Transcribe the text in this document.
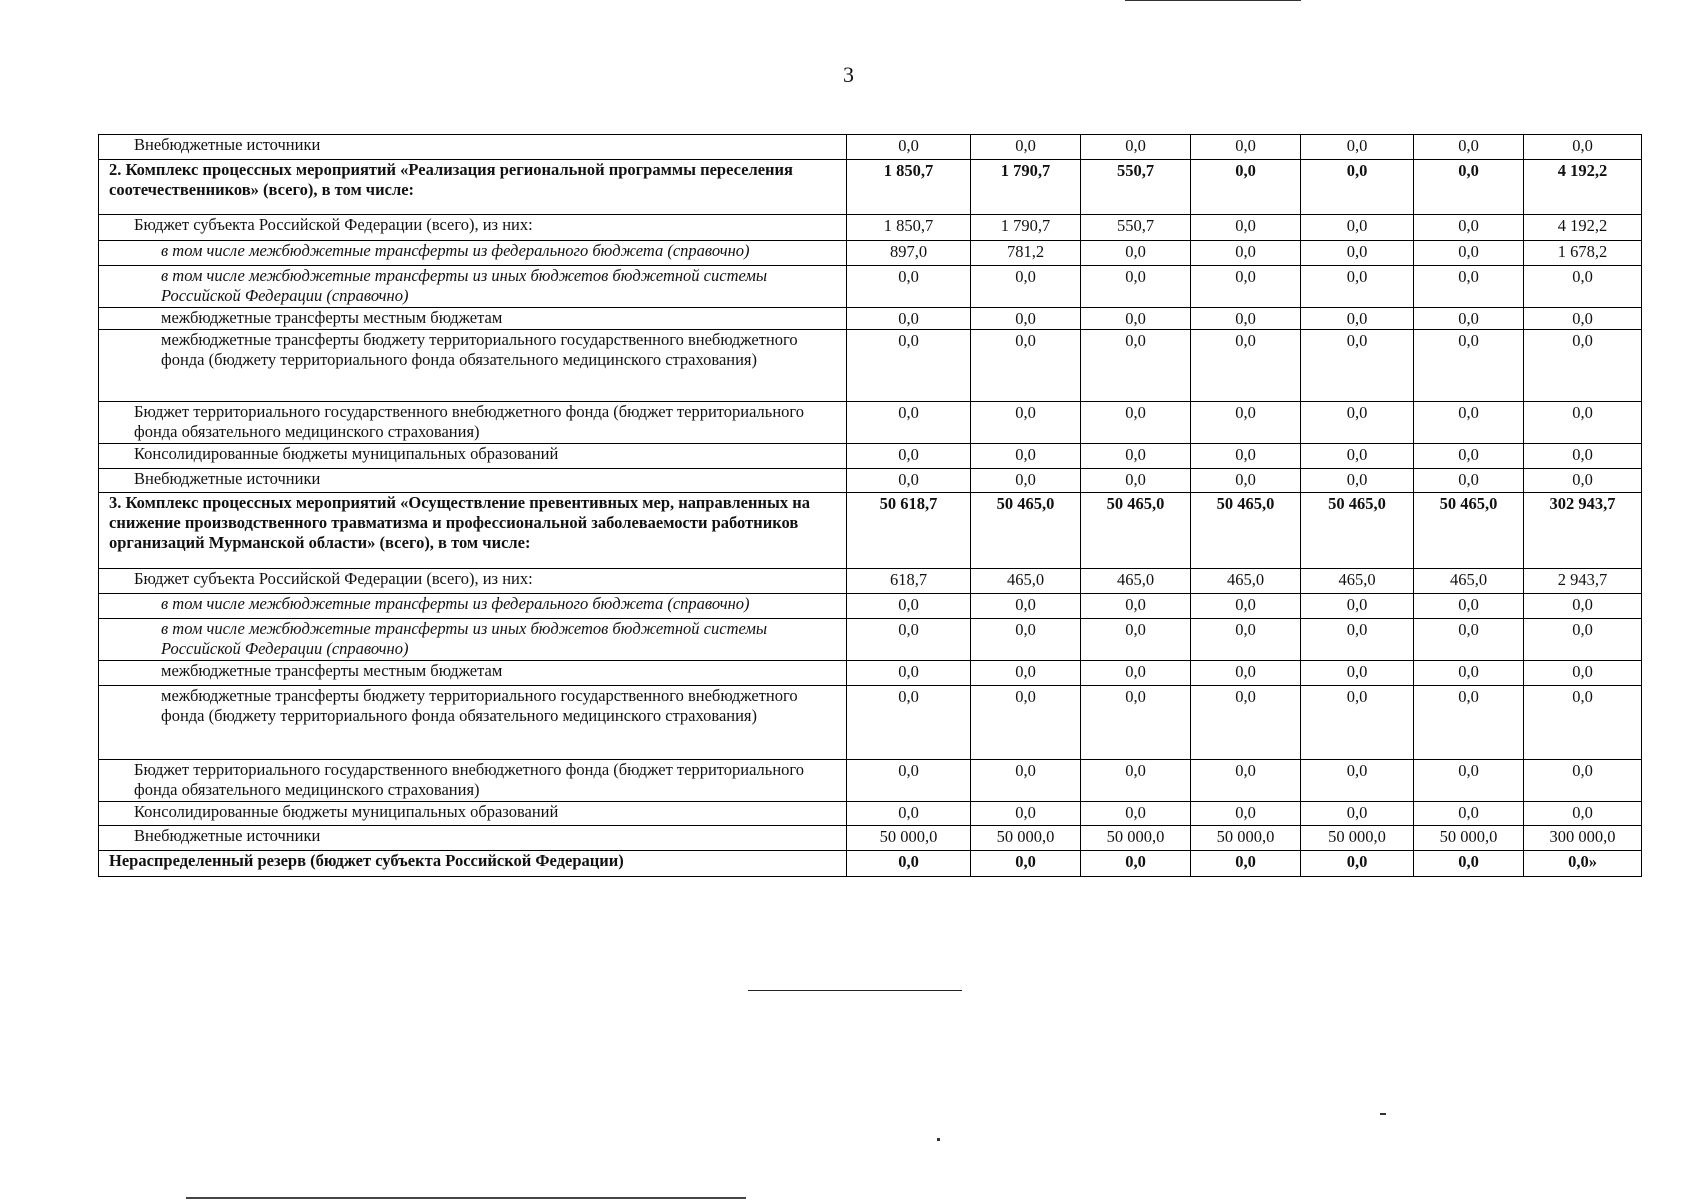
3
Внебюджетные источники	0,0	0,0	0,0	0,0	0,0	0,0	0,0
2. Комплекс процессных мероприятий «Реализация региональной программы переселения соотечественников» (всего), в том числе:	1 850,7	1 790,7	550,7	0,0	0,0	0,0	4 192,2
Бюджет субъекта Российской Федерации (всего), из них:	1 850,7	1 790,7	550,7	0,0	0,0	0,0	4 192,2
в том числе межбюджетные трансферты из федерального бюджета (справочно)	897,0	781,2	0,0	0,0	0,0	0,0	1 678,2
в том числе межбюджетные трансферты из иных бюджетов бюджетной системы Российской Федерации (справочно)	0,0	0,0	0,0	0,0	0,0	0,0	0,0
межбюджетные трансферты местным бюджетам	0,0	0,0	0,0	0,0	0,0	0,0	0,0
межбюджетные трансферты бюджету территориального государственного внебюджетного фонда (бюджету территориального фонда обязательного медицинского страхования)	0,0	0,0	0,0	0,0	0,0	0,0	0,0
Бюджет территориального государственного внебюджетного фонда (бюджет территориального фонда обязательного медицинского страхования)	0,0	0,0	0,0	0,0	0,0	0,0	0,0
Консолидированные бюджеты муниципальных образований	0,0	0,0	0,0	0,0	0,0	0,0	0,0
Внебюджетные источники	0,0	0,0	0,0	0,0	0,0	0,0	0,0
3. Комплекс процессных мероприятий «Осуществление превентивных мер, направленных на снижение производственного травматизма и профессиональной заболеваемости работников организаций Мурманской области» (всего), в том числе:	50 618,7	50 465,0	50 465,0	50 465,0	50 465,0	50 465,0	302 943,7
Бюджет субъекта Российской Федерации (всего), из них:	618,7	465,0	465,0	465,0	465,0	465,0	2 943,7
в том числе межбюджетные трансферты из федерального бюджета (справочно)	0,0	0,0	0,0	0,0	0,0	0,0	0,0
в том числе межбюджетные трансферты из иных бюджетов бюджетной системы Российской Федерации (справочно)	0,0	0,0	0,0	0,0	0,0	0,0	0,0
межбюджетные трансферты местным бюджетам	0,0	0,0	0,0	0,0	0,0	0,0	0,0
межбюджетные трансферты бюджету территориального государственного внебюджетного фонда (бюджету территориального фонда обязательного медицинского страхования)	0,0	0,0	0,0	0,0	0,0	0,0	0,0
Бюджет территориального государственного внебюджетного фонда (бюджет территориального фонда обязательного медицинского страхования)	0,0	0,0	0,0	0,0	0,0	0,0	0,0
Консолидированные бюджеты муниципальных образований	0,0	0,0	0,0	0,0	0,0	0,0	0,0
Внебюджетные источники	50 000,0	50 000,0	50 000,0	50 000,0	50 000,0	50 000,0	300 000,0
Нераспределенный резерв (бюджет субъекта Российской Федерации)	0,0	0,0	0,0	0,0	0,0	0,0	0,0»
